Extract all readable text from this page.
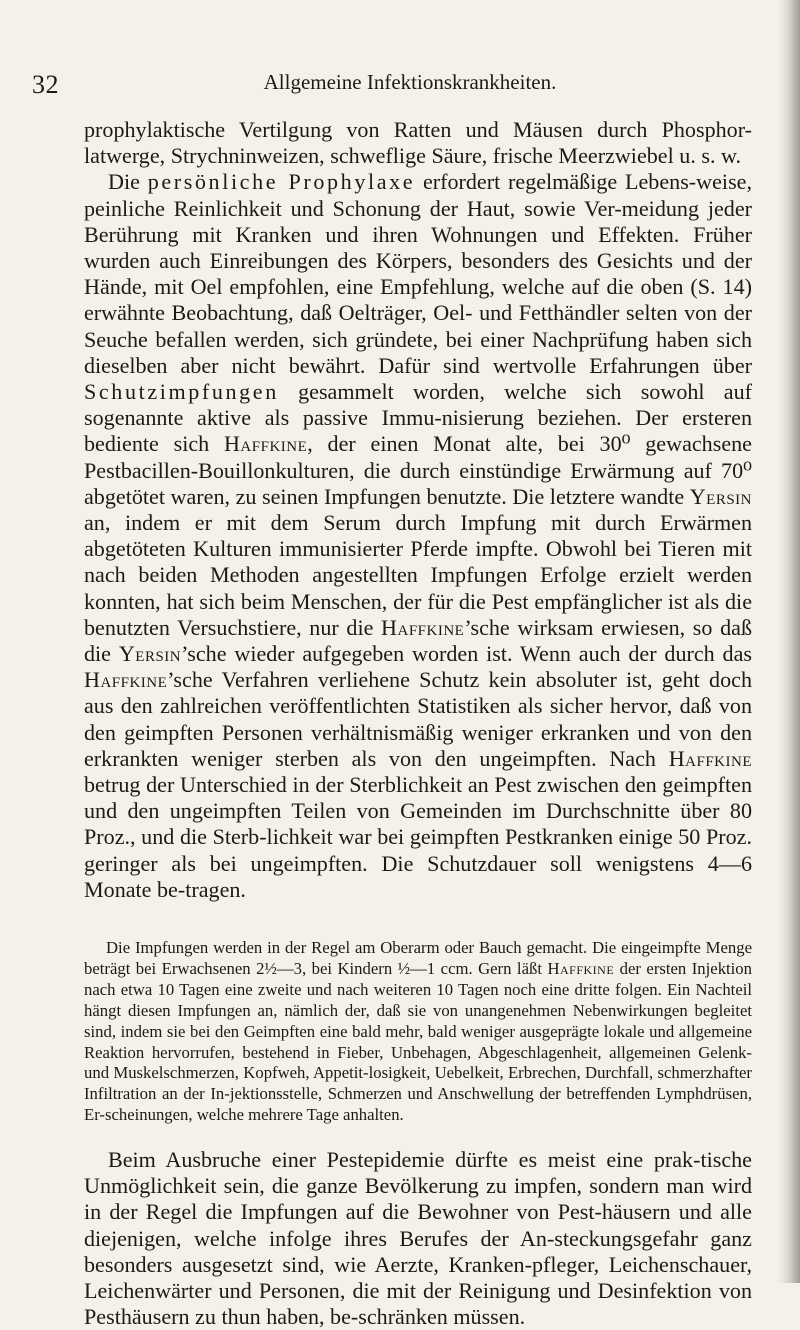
32	Allgemeine Infektionskrankheiten.

prophylaktische Vertilgung von Ratten und Mäusen durch Phosphor-latwerge, Strychninweizen, schweflige Säure, frische Meerzwiebel u. s. w.

Die persönliche Prophylaxe erfordert regelmäßige Lebens-weise, peinliche Reinlichkeit und Schonung der Haut, sowie Ver-meidung jeder Berührung mit Kranken und ihren Wohnungen und Effekten. Früher wurden auch Einreibungen des Körpers, besonders des Gesichts und der Hände, mit Oel empfohlen, eine Empfehlung, welche auf die oben (S. 14) erwähnte Beobachtung, daß Oelträger, Oel- und Fetthändler selten von der Seuche befallen werden, sich gründete, bei einer Nachprüfung haben sich dieselben aber nicht bewährt. Dafür sind wertvolle Erfahrungen über Schutzimpfungen gesammelt worden, welche sich sowohl auf sogenannte aktive als passive Immu-nisierung beziehen. Der ersteren bediente sich Haffkine, der einen Monat alte, bei 30⁰ gewachsene Pestbacillen-Bouillonkulturen, die durch einstündige Erwärmung auf 70⁰ abgetötet waren, zu seinen Impfungen benutzte. Die letztere wandte Yersin an, indem er mit dem Serum durch Impfung mit durch Erwärmen abgetöteten Kulturen immunisierter Pferde impfte. Obwohl bei Tieren mit nach beiden Methoden angestellten Impfungen Erfolge erzielt werden konnten, hat sich beim Menschen, der für die Pest empfänglicher ist als die benutzten Versuchstiere, nur die Haffkine’sche wirksam erwiesen, so daß die Yersin’sche wieder aufgegeben worden ist. Wenn auch der durch das Haffkine’sche Verfahren verliehene Schutz kein absoluter ist, geht doch aus den zahlreichen veröffentlichten Statistiken als sicher hervor, daß von den geimpften Personen verhältnismäßig weniger erkranken und von den erkrankten weniger sterben als von den ungeimpften. Nach Haffkine betrug der Unterschied in der Sterblichkeit an Pest zwischen den geimpften und den ungeimpften Teilen von Gemeinden im Durchschnitte über 80 Proz., und die Sterb-lichkeit war bei geimpften Pestkranken einige 50 Proz. geringer als bei ungeimpften. Die Schutzdauer soll wenigstens 4—6 Monate be-tragen.

Die Impfungen werden in der Regel am Oberarm oder Bauch gemacht. Die eingeimpfte Menge beträgt bei Erwachsenen 2½—3, bei Kindern ½—1 ccm. Gern läßt Haffkine der ersten Injektion nach etwa 10 Tagen eine zweite und nach weiteren 10 Tagen noch eine dritte folgen. Ein Nachteil hängt diesen Impfungen an, nämlich der, daß sie von unangenehmen Nebenwirkungen begleitet sind, indem sie bei den Geimpften eine bald mehr, bald weniger ausgeprägte lokale und allgemeine Reaktion hervorrufen, bestehend in Fieber, Unbehagen, Abgeschlagenheit, allgemeinen Gelenk- und Muskelschmerzen, Kopfweh, Appetit-losigkeit, Uebelkeit, Erbrechen, Durchfall, schmerzhafter Infiltration an der In-jektionsstelle, Schmerzen und Anschwellung der betreffenden Lymphdrüsen, Er-scheinungen, welche mehrere Tage anhalten.

Beim Ausbruche einer Pestepidemie dürfte es meist eine prak-tische Unmöglichkeit sein, die ganze Bevölkerung zu impfen, sondern man wird in der Regel die Impfungen auf die Bewohner von Pest-häusern und alle diejenigen, welche infolge ihres Berufes der An-steckungsgefahr ganz besonders ausgesetzt sind, wie Aerzte, Kranken-pfleger, Leichenschauer, Leichenwärter und Personen, die mit der Reinigung und Desinfektion von Pesthäusern zu thun haben, be-schränken müssen.
